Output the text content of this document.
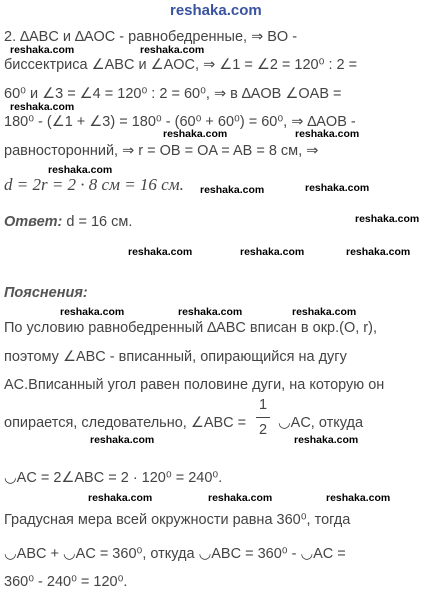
reshaka.com
2. ∆ABC и ∆AOC - равнобедренные, ⇒ BO -
биссектриса ∠ABC и ∠AOC, ⇒ ∠1 = ∠2 = 120⁰ : 2 =
60⁰ и ∠3 = ∠4 = 120⁰ : 2 = 60⁰, ⇒ в ∆AOB ∠OAB =
180⁰ - (∠1 + ∠3) = 180⁰ - (60⁰ + 60⁰) = 60⁰, ⇒ ∆AOB -
равносторонний, ⇒ r = OB = OA = AB = 8 см, ⇒
d = 2r = 2 · 8 см = 16 см.
Ответ: d = 16 см.
Пояснения:
По условию равнобедренный ∆ABC вписан в окр.(O, r),
поэтому ∠ABC - вписанный, опирающийся на дугу
AC.Вписанный угол равен половине дуги, на которую он
опирается, следовательно, ∠ABC =
1
2 ◡AC, откуда
◡AC = 2∠ABC = 2 · 120⁰ = 240⁰.
Градусная мера всей окружности равна 360⁰, тогда
◡ABC + ◡AC = 360⁰, откуда ◡ABC = 360⁰ - ◡AC =
360⁰ - 240⁰ = 120⁰.
reshaka.com	reshaka.com
reshaka.com
reshaka.com	reshaka.com
reshaka.com
reshaka.com	reshaka.com
reshaka.com
reshaka.com	reshaka.com	reshaka.com
reshaka.com	reshaka.com	reshaka.com
reshaka.com	reshaka.com
reshaka.com	reshaka.com	reshaka.com
